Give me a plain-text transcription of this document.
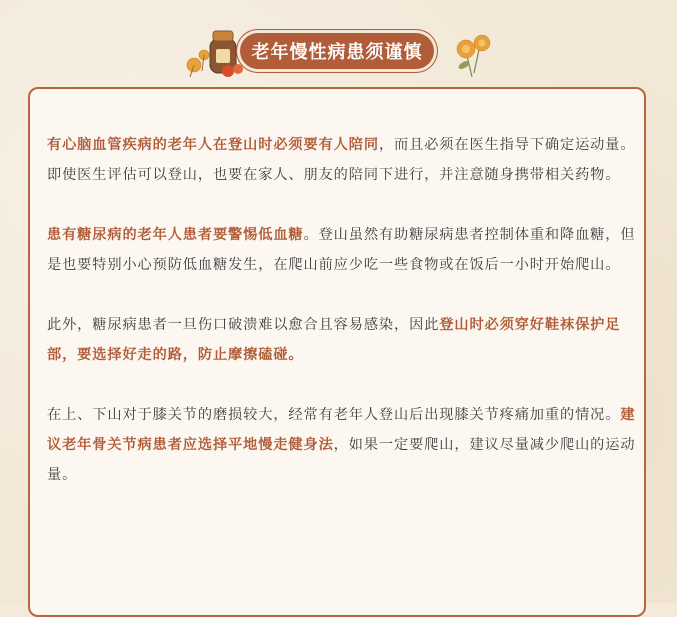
老年慢性病患须谨慎

有心脑血管疾病的老年人在登山时必须要有人陪同，而且必须在医生指导下确定运动量。即使医生评估可以登山，也要在家人、朋友的陪同下进行，并注意随身携带相关药物。

患有糖尿病的老年人患者要警惕低血糖。登山虽然有助糖尿病患者控制体重和降血糖，但是也要特别小心预防低血糖发生，在爬山前应少吃一些食物或在饭后一小时开始爬山。

此外，糖尿病患者一旦伤口破溃难以愈合且容易感染，因此登山时必须穿好鞋袜保护足部，要选择好走的路，防止摩擦磕碰。

在上、下山对于膝关节的磨损较大，经常有老年人登山后出现膝关节疼痛加重的情况。建议老年骨关节病患者应选择平地慢走健身法，如果一定要爬山，建议尽量减少爬山的运动量。
